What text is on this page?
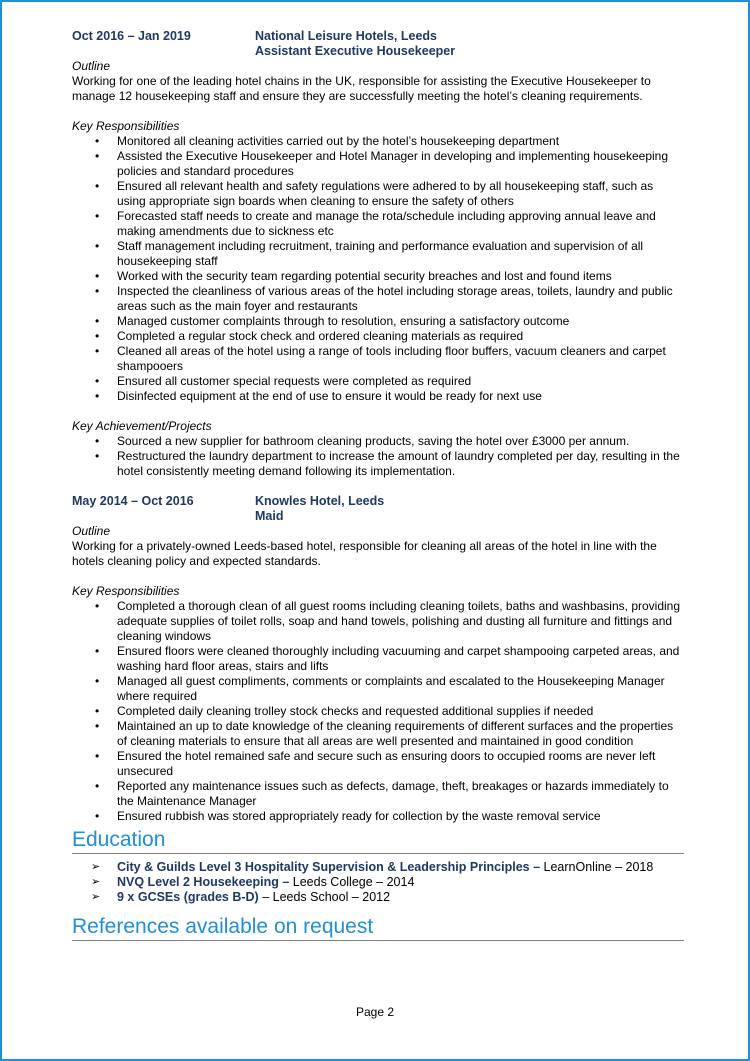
Oct 2016 – Jan 2019	National Leisure Hotels, Leeds
Assistant Executive Housekeeper
Outline

Working for one of the leading hotel chains in the UK, responsible for assisting the Executive Housekeeper to manage 12 housekeeping staff and ensure they are successfully meeting the hotel’s cleaning requirements.

Key Responsibilities
• Monitored all cleaning activities carried out by the hotel’s housekeeping department
• Assisted the Executive Housekeeper and Hotel Manager in developing and implementing housekeeping policies and standard procedures
• Ensured all relevant health and safety regulations were adhered to by all housekeeping staff, such as using appropriate sign boards when cleaning to ensure the safety of others
• Forecasted staff needs to create and manage the rota/schedule including approving annual leave and making amendments due to sickness etc
• Staff management including recruitment, training and performance evaluation and supervision of all housekeeping staff
• Worked with the security team regarding potential security breaches and lost and found items
• Inspected the cleanliness of various areas of the hotel including storage areas, toilets, laundry and public areas such as the main foyer and restaurants
• Managed customer complaints through to resolution, ensuring a satisfactory outcome
• Completed a regular stock check and ordered cleaning materials as required
• Cleaned all areas of the hotel using a range of tools including floor buffers, vacuum cleaners and carpet shampooers
• Ensured all customer special requests were completed as required
• Disinfected equipment at the end of use to ensure it would be ready for next use
Key Achievement/Projects
• Sourced a new supplier for bathroom cleaning products, saving the hotel over £3000 per annum.
• Restructured the laundry department to increase the amount of laundry completed per day, resulting in the hotel consistently meeting demand following its implementation.
May 2014 – Oct 2016	Knowles Hotel, Leeds
Maid
Outline

Working for a privately-owned Leeds-based hotel, responsible for cleaning all areas of the hotel in line with the hotels cleaning policy and expected standards.

Key Responsibilities
• Completed a thorough clean of all guest rooms including cleaning toilets, baths and washbasins, providing adequate supplies of toilet rolls, soap and hand towels, polishing and dusting all furniture and fittings and cleaning windows
• Ensured floors were cleaned thoroughly including vacuuming and carpet shampooing carpeted areas, and washing hard floor areas, stairs and lifts
• Managed all guest compliments, comments or complaints and escalated to the Housekeeping Manager where required
• Completed daily cleaning trolley stock checks and requested additional supplies if needed
• Maintained an up to date knowledge of the cleaning requirements of different surfaces and the properties of cleaning materials to ensure that all areas are well presented and maintained in good condition
• Ensured the hotel remained safe and secure such as ensuring doors to occupied rooms are never left unsecured
• Reported any maintenance issues such as defects, damage, theft, breakages or hazards immediately to the Maintenance Manager
• Ensured rubbish was stored appropriately ready for collection by the waste removal service
Education
➢ City & Guilds Level 3 Hospitality Supervision & Leadership Principles – LearnOnline – 2018
➢ NVQ Level 2 Housekeeping – Leeds College – 2014
➢ 9 x GCSEs (grades B-D) – Leeds School – 2012
References available on request
Page 2
